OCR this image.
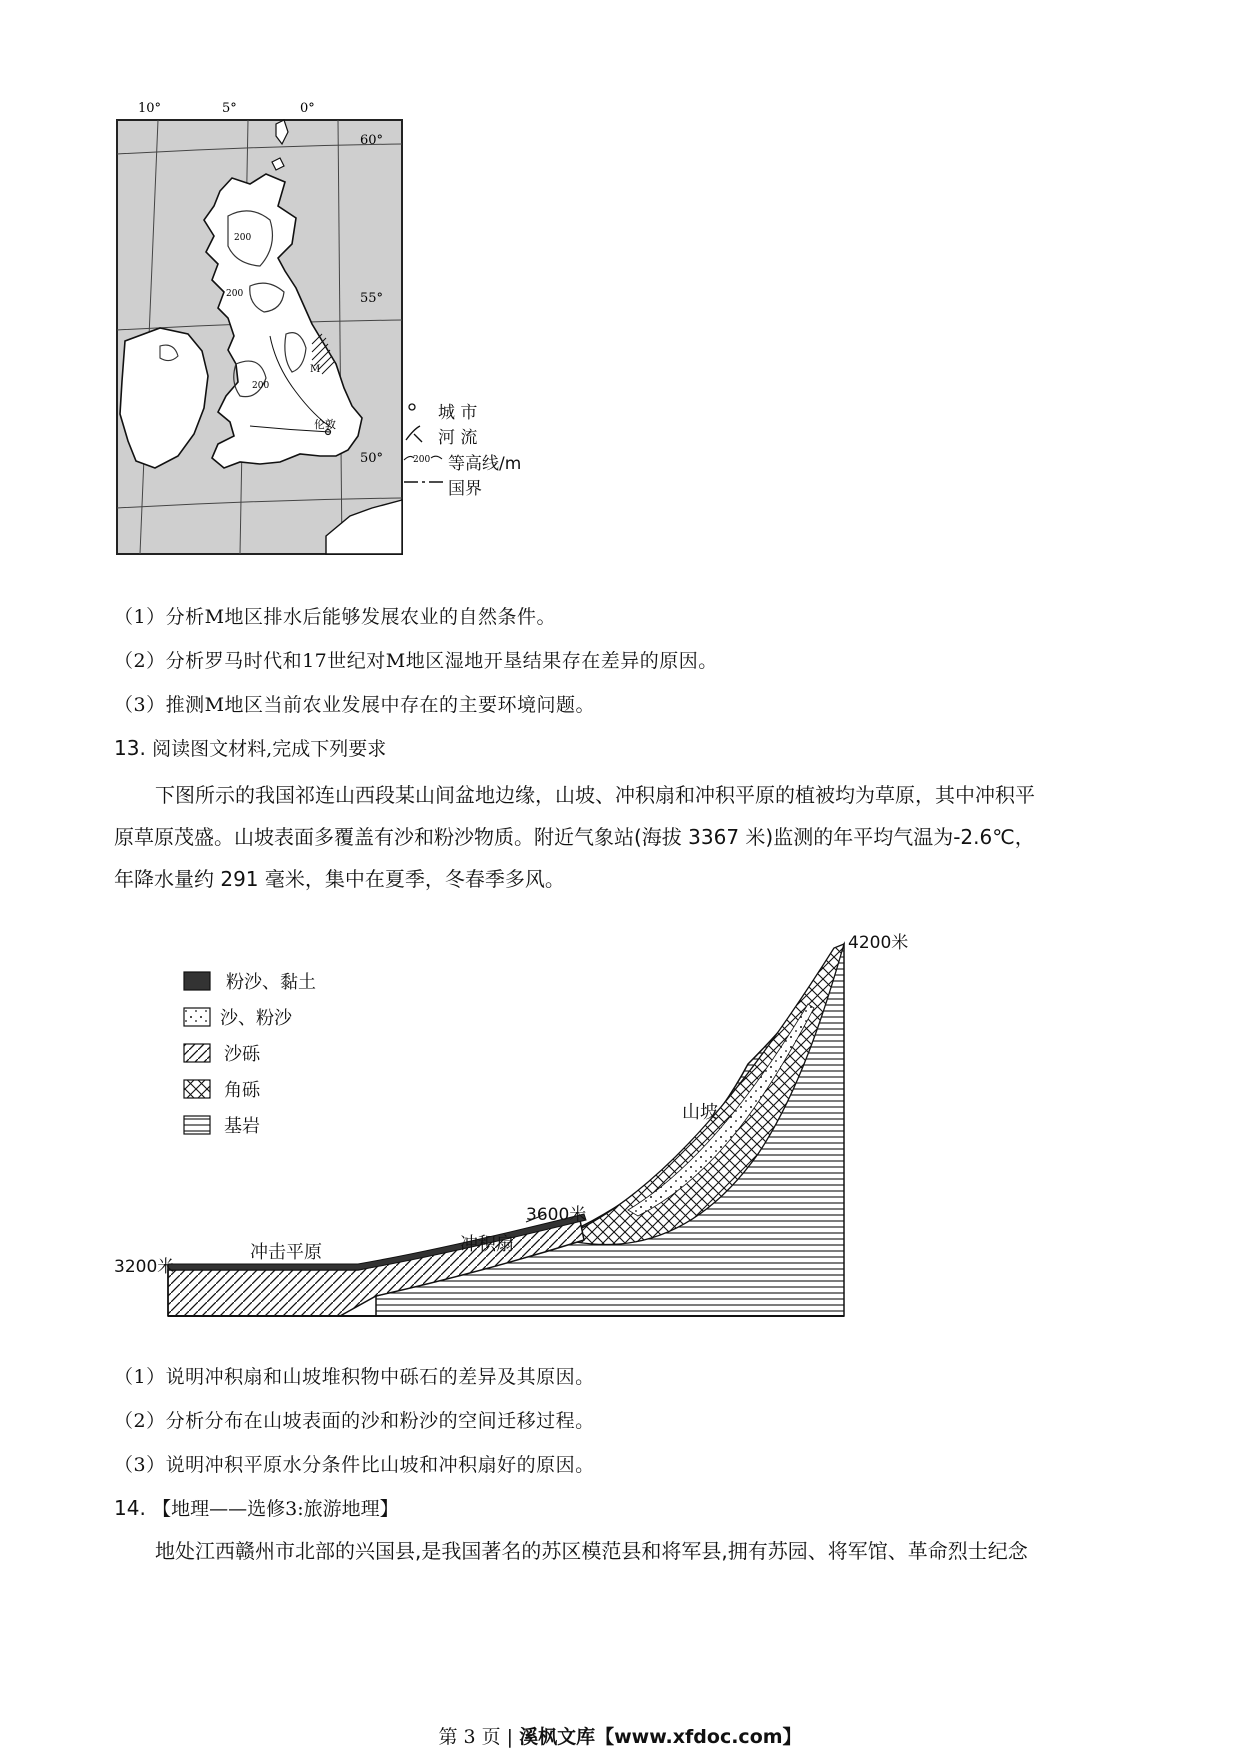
10°	5°	0°
60°
55°
50°
200
200
200
伦敦
M
200
城 市
河 流
等高线/m
国界
（1）分析M地区排水后能够发展农业的自然条件。
（2）分析罗马时代和17世纪对M地区湿地开垦结果存在差异的原因。
（3）推测M地区当前农业发展中存在的主要环境问题。
13. 阅读图文材料,完成下列要求
下图所示的我国祁连山西段某山间盆地边缘，山坡、冲积扇和冲积平原的植被均为草原，其中冲积平
原草原茂盛。山坡表面多覆盖有沙和粉沙物质。附近气象站(海拔 3367 米)监测的年平均气温为-2.6℃，
年降水量约 291 毫米，集中在夏季，冬春季多风。
粉沙、黏土
沙、粉沙
沙砾
角砾
基岩
4200米
3600米
3200米
山坡
冲积扇
冲击平原
（1）说明冲积扇和山坡堆积物中砾石的差异及其原因。
（2）分析分布在山坡表面的沙和粉沙的空间迁移过程。
（3）说明冲积平原水分条件比山坡和冲积扇好的原因。
14. 【地理——选修3:旅游地理】
地处江西赣州市北部的兴国县,是我国著名的苏区模范县和将军县,拥有苏园、将军馆、革命烈士纪念
第 3 页 | 溪枫文库【www.xfdoc.com】
